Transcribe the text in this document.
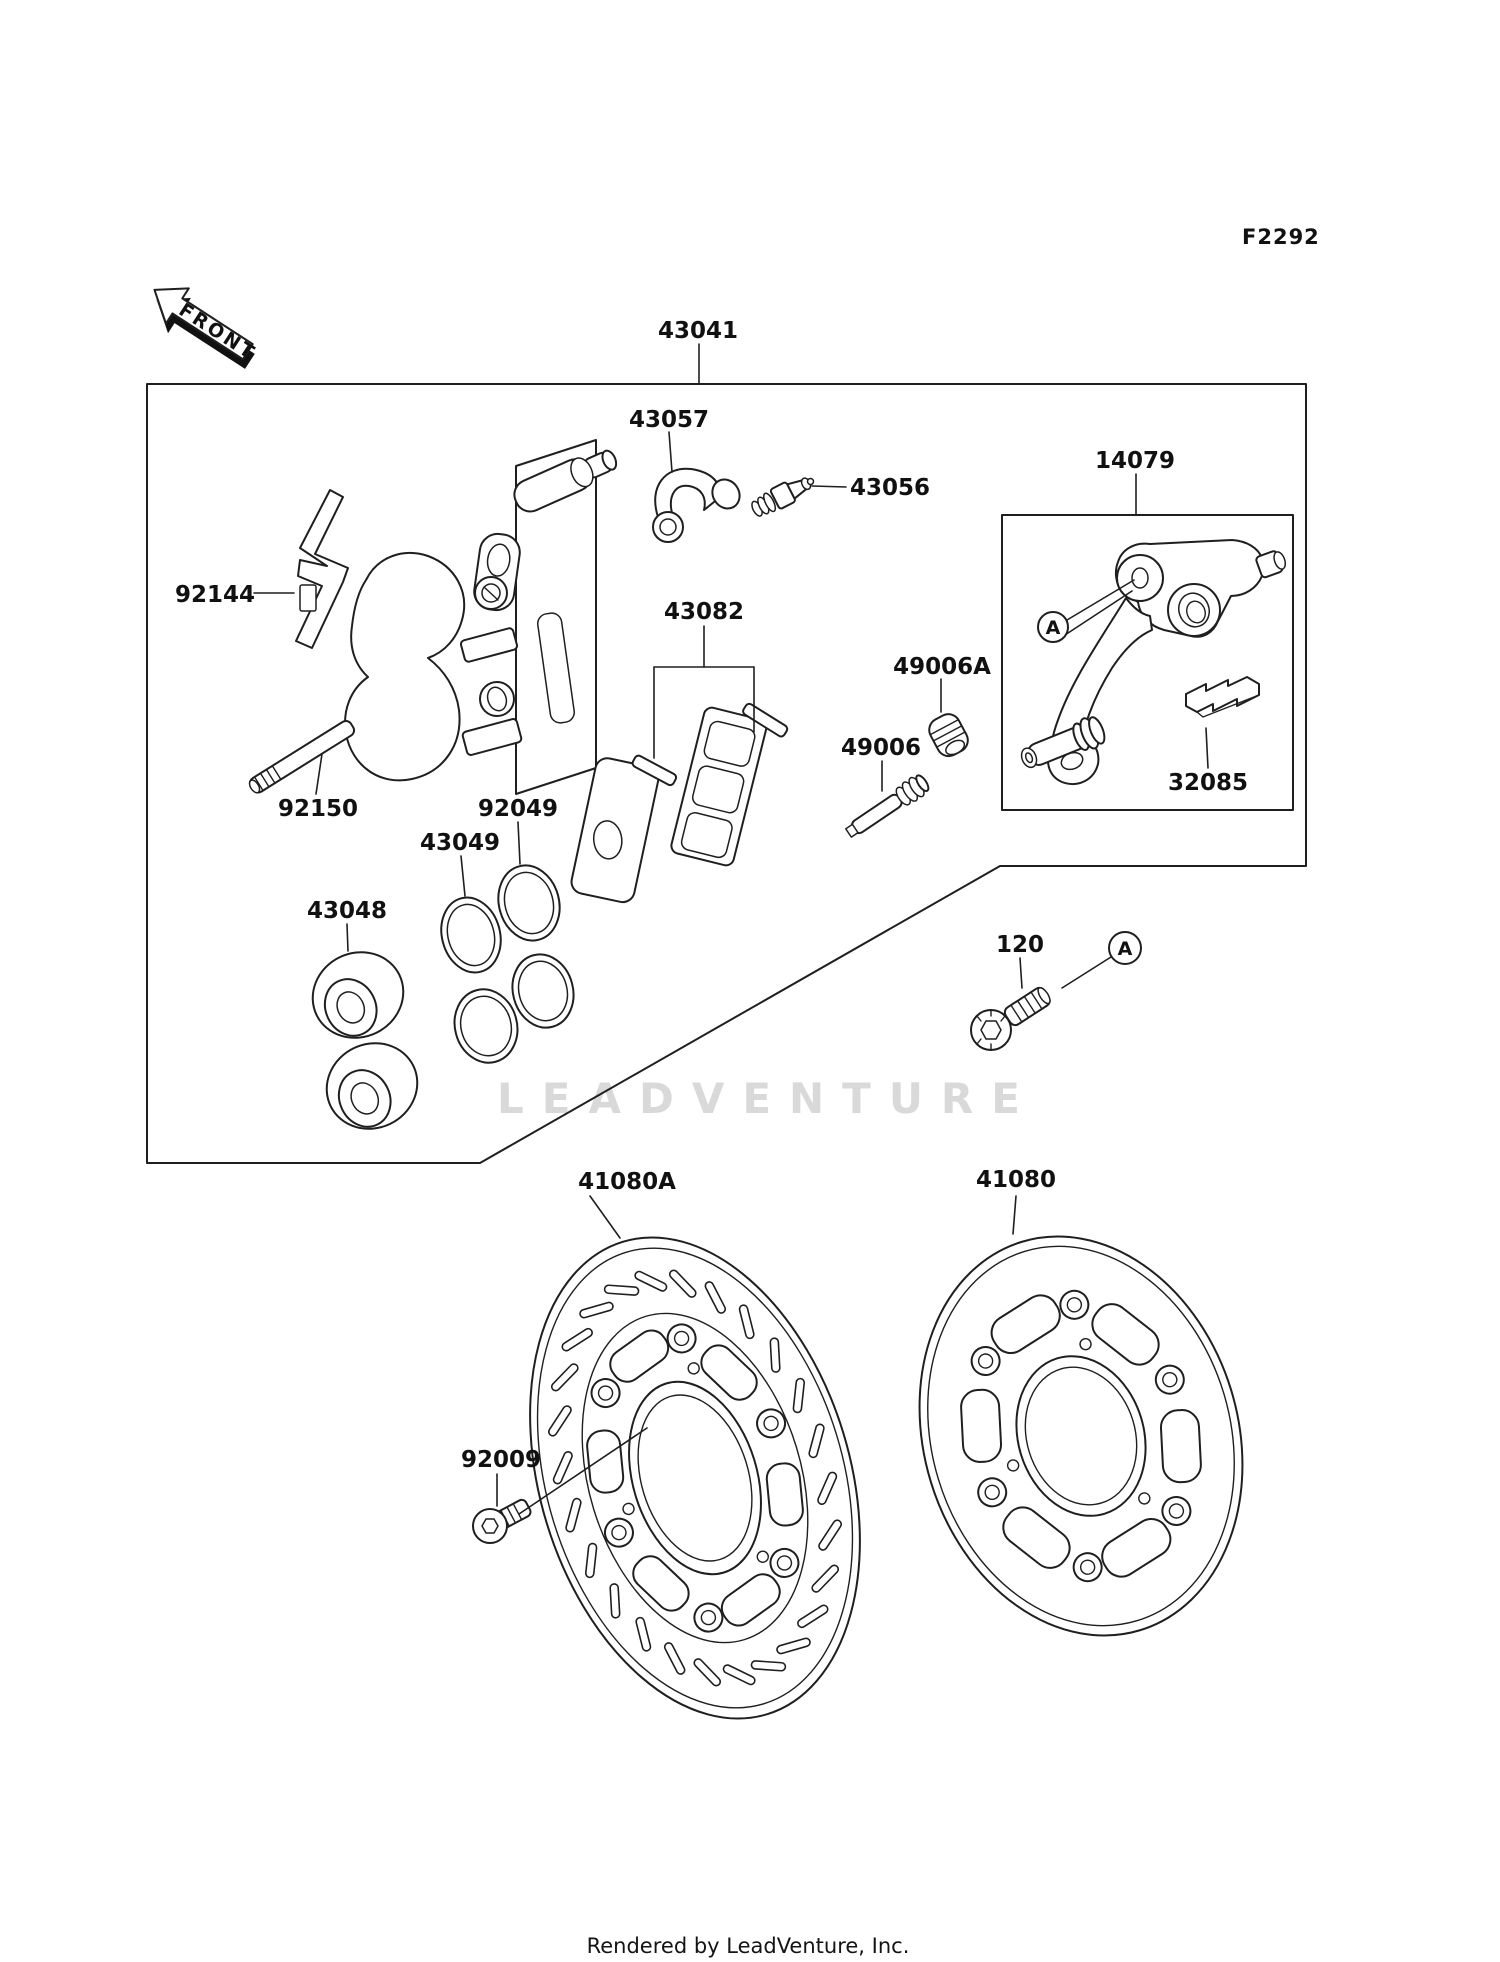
LEADVENTURE
F2292
FRONT
A
A
43041
43057
43056
14079
92144
43082
49006A
49006
32085
92150	92049
43049
43048
120
92009
41080A	41080
Rendered by LeadVenture, Inc.
